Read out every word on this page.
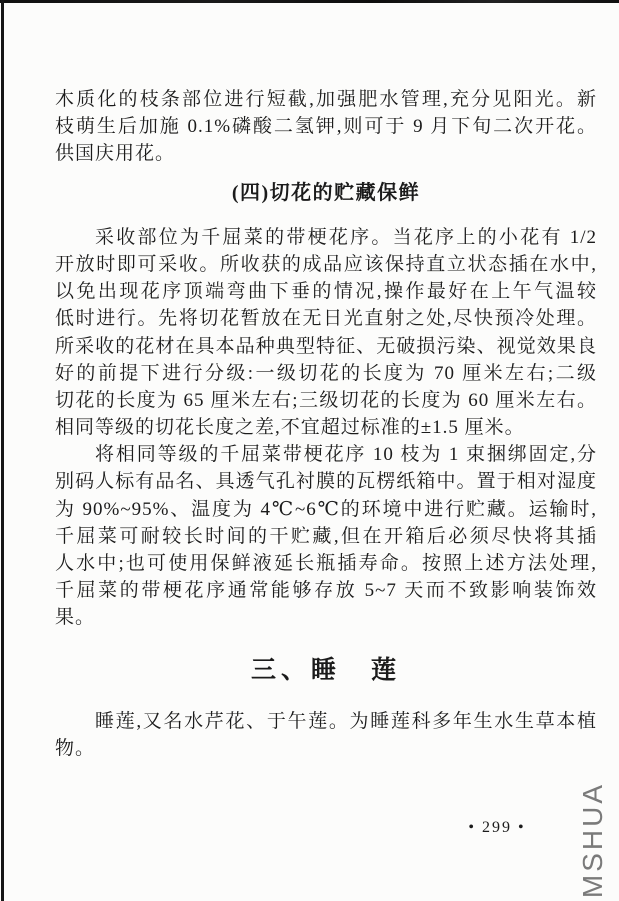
木质化的枝条部位进行短截,加强肥水管理,充分见阳光。新
枝萌生后加施 0.1%磷酸二氢钾,则可于 9 月下旬二次开花。
供国庆用花。
(四)切花的贮藏保鲜
采收部位为千屈菜的带梗花序。当花序上的小花有 1/2
开放时即可采收。所收获的成品应该保持直立状态插在水中,
以免出现花序顶端弯曲下垂的情况,操作最好在上午气温较
低时进行。先将切花暂放在无日光直射之处,尽快预冷处理。
所采收的花材在具本品种典型特征、无破损污染、视觉效果良
好的前提下进行分级:一级切花的长度为 70 厘米左右;二级
切花的长度为 65 厘米左右;三级切花的长度为 60 厘米左右。
相同等级的切花长度之差,不宜超过标准的±1.5 厘米。
将相同等级的千屈菜带梗花序 10 枝为 1 束捆绑固定,分
别码人标有品名、具透气孔衬膜的瓦楞纸箱中。置于相对湿度
为 90%~95%、温度为 4℃~6℃的环境中进行贮藏。运输时,
千屈菜可耐较长时间的干贮藏,但在开箱后必须尽快将其插
人水中;也可使用保鲜液延长瓶插寿命。按照上述方法处理,
千屈菜的带梗花序通常能够存放 5~7 天而不致影响装饰效
果。
三、睡　莲
睡莲,又名水芹花、于午莲。为睡莲科多年生水生草本植
物。
• 299 •	MSHUA
